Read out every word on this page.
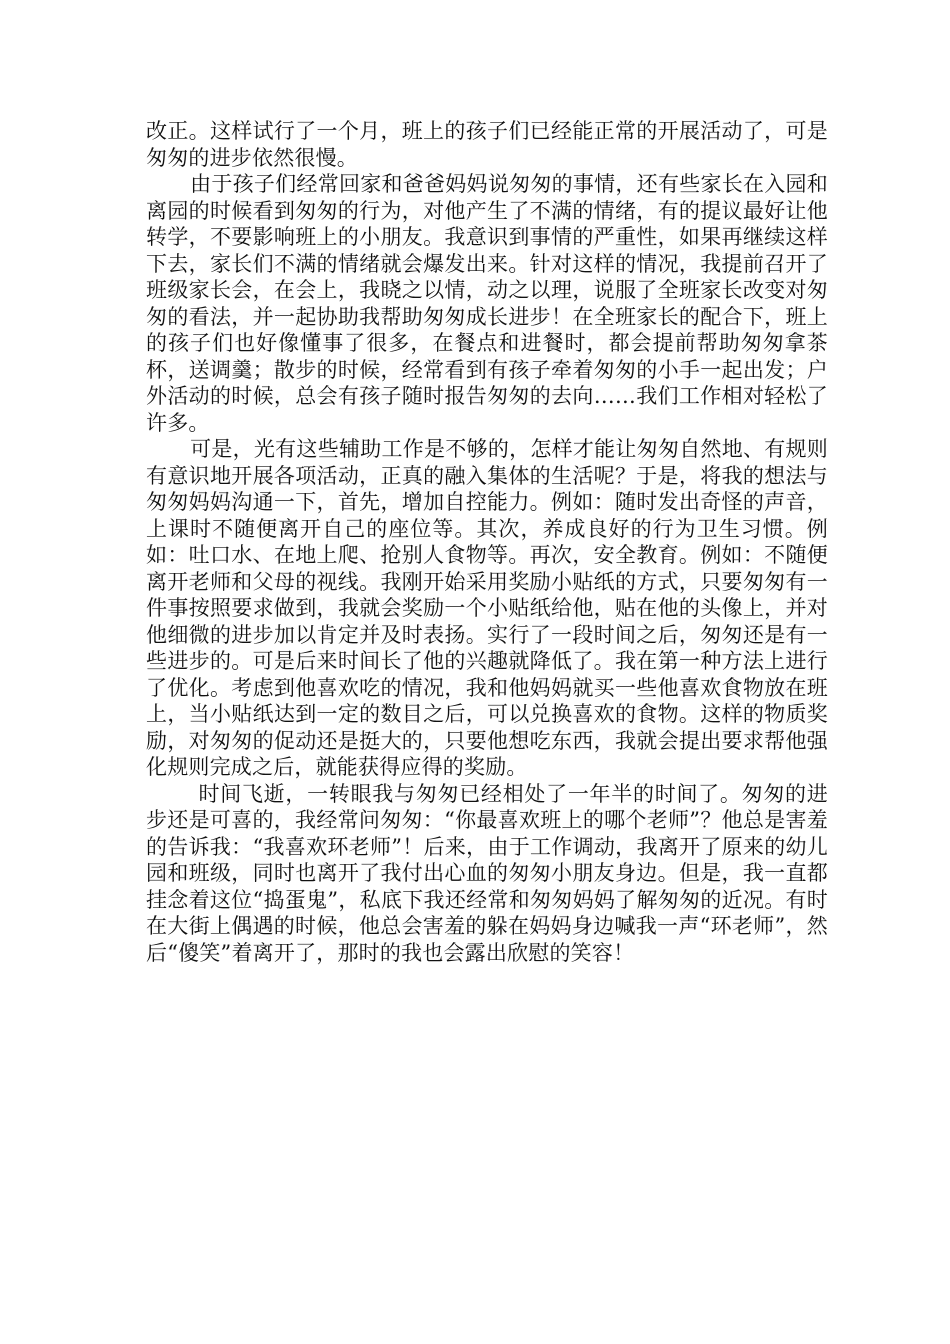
改正。这样试行了一个月，班上的孩子们已经能正常的开展活动了，可是匆匆的进步依然很慢。

由于孩子们经常回家和爸爸妈妈说匆匆的事情，还有些家长在入园和离园的时候看到匆匆的行为，对他产生了不满的情绪，有的提议最好让他转学，不要影响班上的小朋友。我意识到事情的严重性，如果再继续这样下去，家长们不满的情绪就会爆发出来。针对这样的情况，我提前召开了班级家长会，在会上，我晓之以情，动之以理，说服了全班家长改变对匆匆的看法，并一起协助我帮助匆匆成长进步！在全班家长的配合下，班上的孩子们也好像懂事了很多，在餐点和进餐时，都会提前帮助匆匆拿茶杯，送调羹；散步的时候，经常看到有孩子牵着匆匆的小手一起出发；户外活动的时候，总会有孩子随时报告匆匆的去向……我们工作相对轻松了许多。

可是，光有这些辅助工作是不够的，怎样才能让匆匆自然地、有规则有意识地开展各项活动，正真的融入集体的生活呢？于是，将我的想法与匆匆妈妈沟通一下，首先，增加自控能力。例如：随时发出奇怪的声音，上课时不随便离开自己的座位等。其次，养成良好的行为卫生习惯。例如：吐口水、在地上爬、抢别人食物等。再次，安全教育。例如：不随便离开老师和父母的视线。我刚开始采用奖励小贴纸的方式，只要匆匆有一件事按照要求做到，我就会奖励一个小贴纸给他，贴在他的头像上，并对他细微的进步加以肯定并及时表扬。实行了一段时间之后，匆匆还是有一些进步的。可是后来时间长了他的兴趣就降低了。我在第一种方法上进行了优化。考虑到他喜欢吃的情况，我和他妈妈就买一些他喜欢食物放在班上，当小贴纸达到一定的数目之后，可以兑换喜欢的食物。这样的物质奖励，对匆匆的促动还是挺大的，只要他想吃东西，我就会提出要求帮他强化规则完成之后，就能获得应得的奖励。

时间飞逝，一转眼我与匆匆已经相处了一年半的时间了。匆匆的进步还是可喜的，我经常问匆匆：“你最喜欢班上的哪个老师”？他总是害羞的告诉我：“我喜欢环老师”！后来，由于工作调动，我离开了原来的幼儿园和班级，同时也离开了我付出心血的匆匆小朋友身边。但是，我一直都挂念着这位“捣蛋鬼”，私底下我还经常和匆匆妈妈了解匆匆的近况。有时在大街上偶遇的时候，他总会害羞的躲在妈妈身边喊我一声“环老师”，然后“傻笑”着离开了，那时的我也会露出欣慰的笑容！
